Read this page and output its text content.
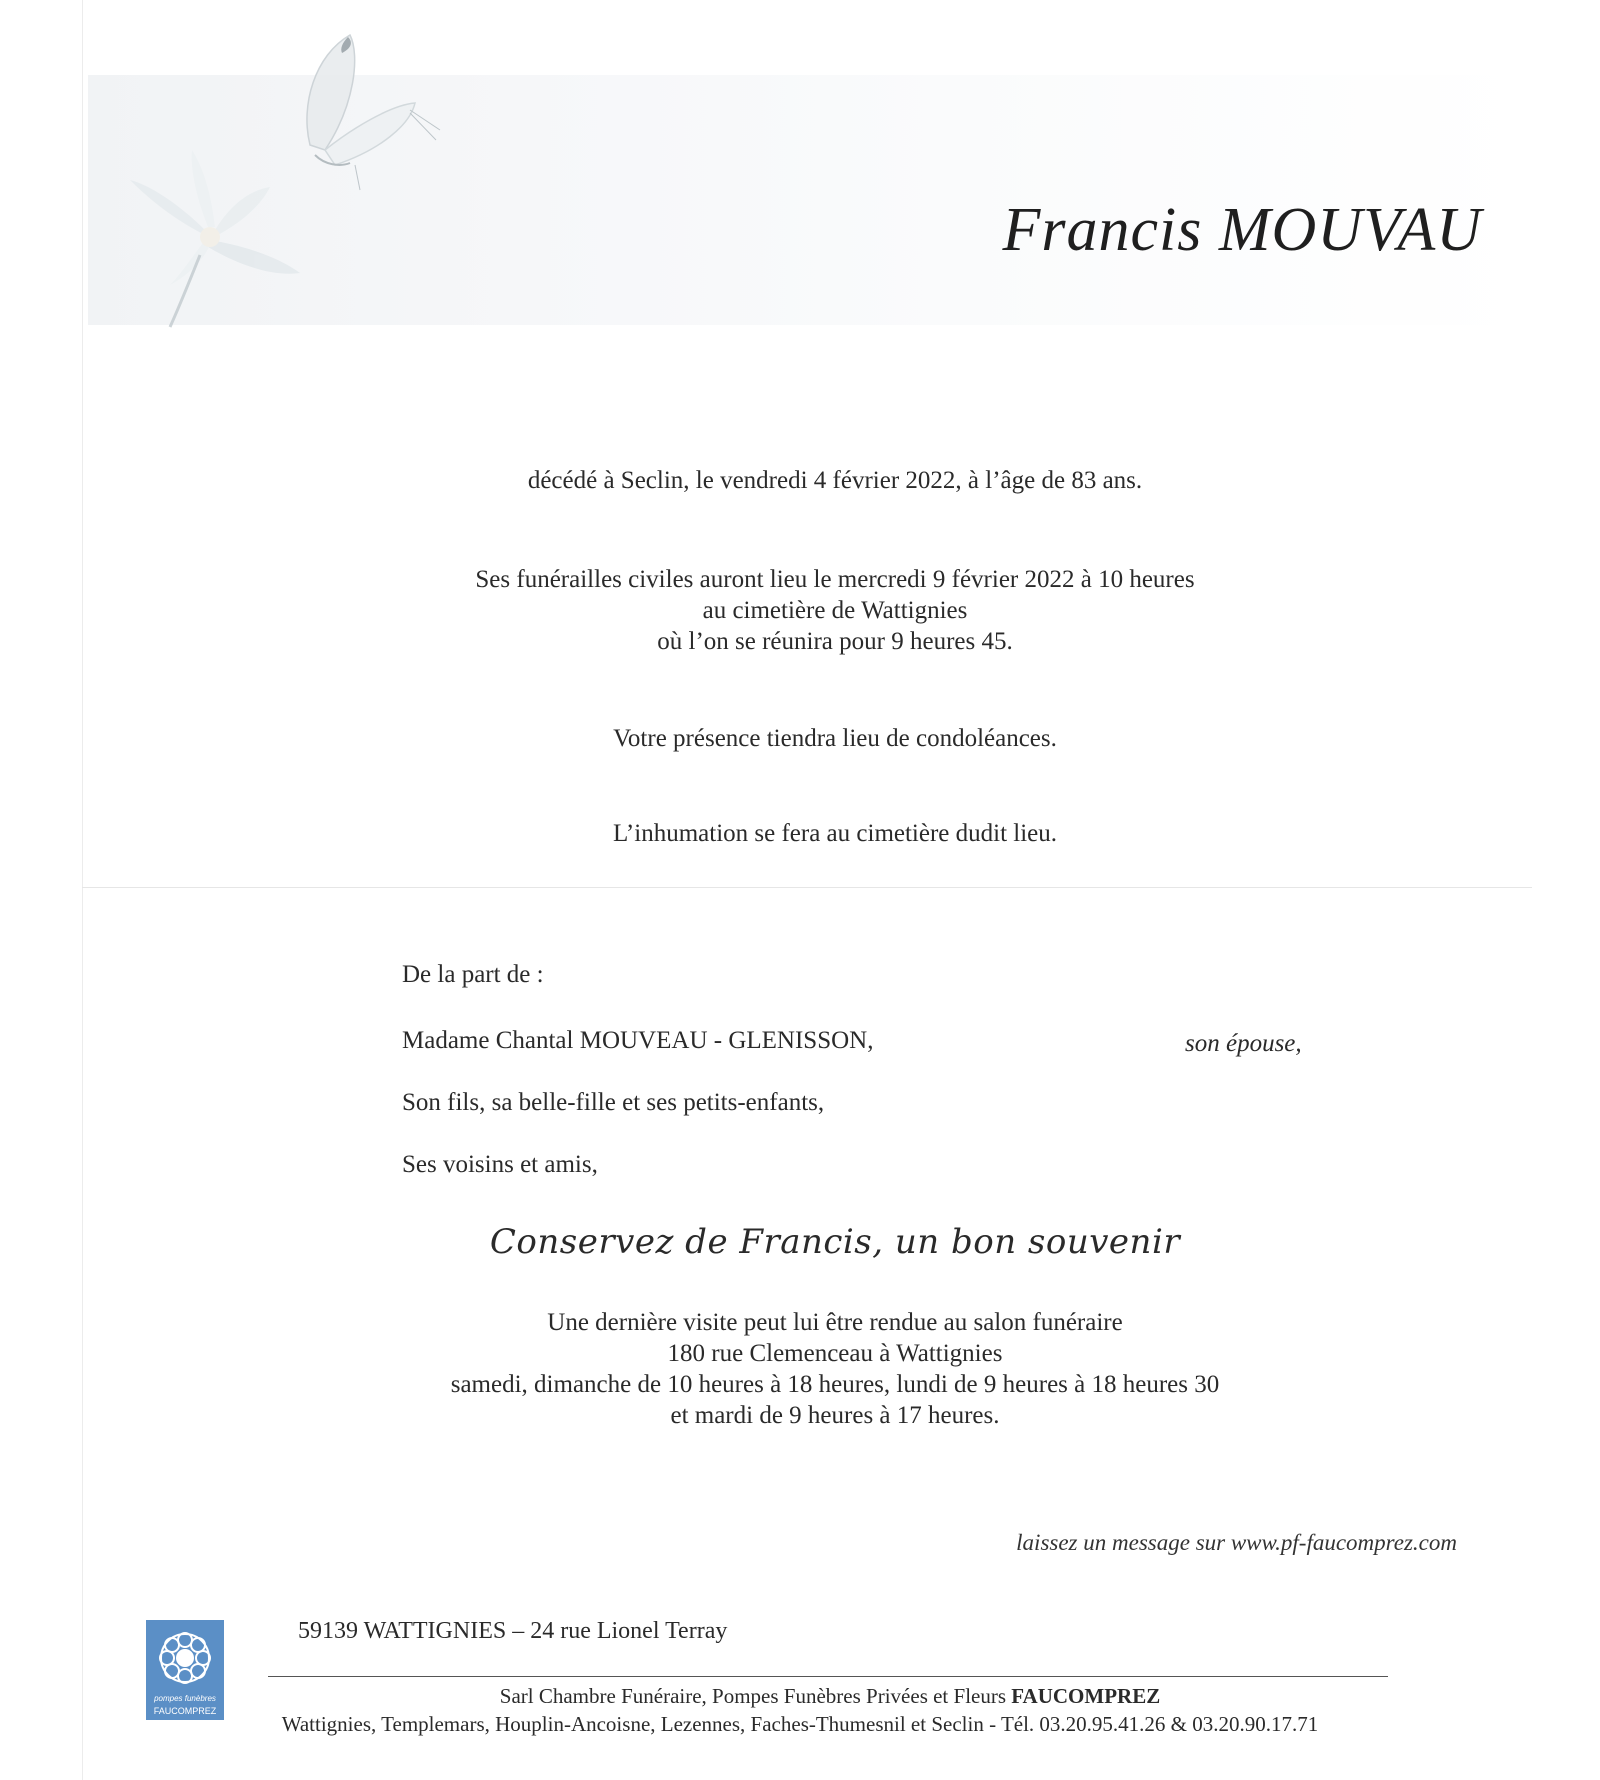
Francis MOUVAU
décédé à Seclin, le vendredi 4 février 2022, à l’âge de 83 ans.
Ses funérailles civiles auront lieu le mercredi 9 février 2022 à 10 heures
au cimetière de Wattignies
où l’on se réunira pour 9 heures 45.
Votre présence tiendra lieu de condoléances.
L’inhumation se fera au cimetière dudit lieu.
De la part de :
Madame Chantal MOUVEAU - GLENISSON,	son épouse,
Son fils, sa belle-fille et ses petits-enfants,
Ses voisins et amis,
Conservez de Francis, un bon souvenir
Une dernière visite peut lui être rendue au salon funéraire
180 rue Clemenceau à Wattignies
samedi, dimanche de 10 heures à 18 heures, lundi de 9 heures à 18 heures 30
et mardi de 9 heures à 17 heures.
laissez un message sur www.pf-faucomprez.com
pompes funèbres
FAUCOMPREZ
59139 WATTIGNIES – 24 rue Lionel Terray
Sarl Chambre Funéraire, Pompes Funèbres Privées et Fleurs FAUCOMPREZ
Wattignies, Templemars, Houplin-Ancoisne, Lezennes, Faches-Thumesnil et Seclin - Tél. 03.20.95.41.26 & 03.20.90.17.71
